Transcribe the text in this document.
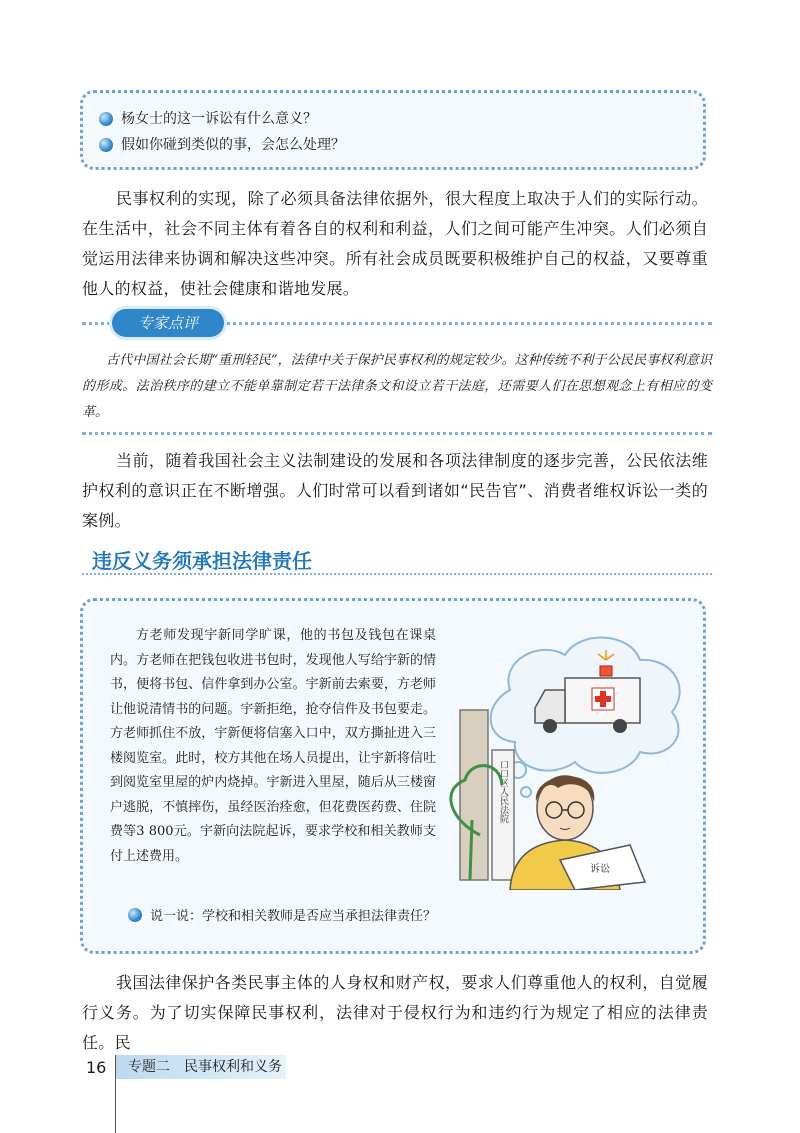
杨女士的这一诉讼有什么意义？
假如你碰到类似的事，会怎么处理？
民事权利的实现，除了必须具备法律依据外，很大程度上取决于人们的实际行动。在生活中，社会不同主体有着各自的权利和利益，人们之间可能产生冲突。人们必须自觉运用法律来协调和解决这些冲突。所有社会成员既要积极维护自己的权益，又要尊重他人的权益，使社会健康和谐地发展。
专家点评
古代中国社会长期“重刑轻民”，法律中关于保护民事权利的规定较少。这种传统不利于公民民事权利意识的形成。法治秩序的建立不能单靠制定若干法律条文和设立若干法庭，还需要人们在思想观念上有相应的变革。
当前，随着我国社会主义法制建设的发展和各项法律制度的逐步完善，公民依法维护权利的意识正在不断增强。人们时常可以看到诸如“民告官”、消费者维权诉讼一类的案例。
违反义务须承担法律责任
方老师发现宇新同学旷课，他的书包及钱包在课桌内。方老师在把钱包收进书包时，发现他人写给宇新的情书，便将书包、信件拿到办公室。宇新前去索要，方老师让他说清情书的问题。宇新拒绝，抢夺信件及书包要走。方老师抓住不放，宇新便将信塞入口中，双方撕扯进入三楼阅览室。此时，校方其他在场人员提出，让宇新将信吐到阅览室里屋的炉内烧掉。宇新进入里屋，随后从三楼窗户逃脱，不慎摔伤，虽经医治痊愈，但花费医药费、住院费等3 800元。宇新向法院起诉，要求学校和相关教师支付上述费用。
口口区人民法院
诉讼
说一说：学校和相关教师是否应当承担法律责任？
我国法律保护各类民事主体的人身权和财产权，要求人们尊重他人的权利，自觉履行义务。为了切实保障民事权利，法律对于侵权行为和违约行为规定了相应的法律责任。民
16	专题二　民事权利和义务
